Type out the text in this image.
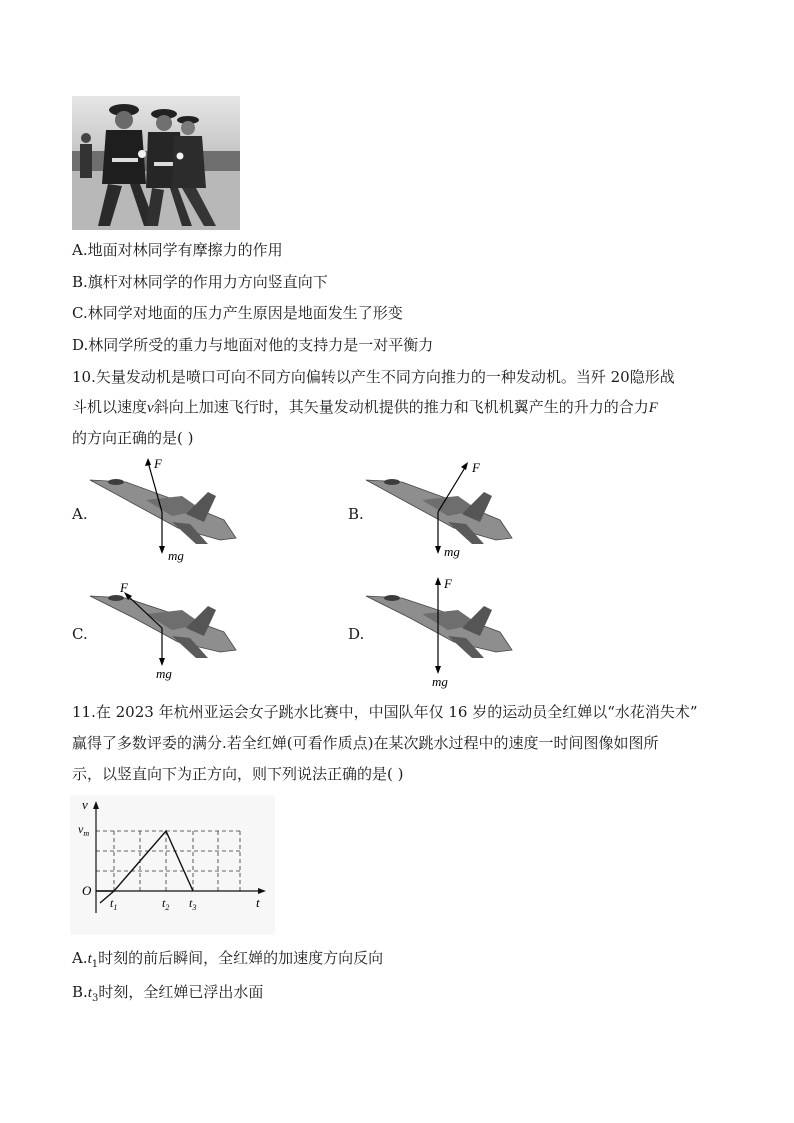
A.地面对林同学有摩擦力的作用
B.旗杆对林同学的作用力方向竖直向下
C.林同学对地面的压力产生原因是地面发生了形变
D.林同学所受的重力与地面对他的支持力是一对平衡力
10.矢量发动机是喷口可向不同方向偏转以产生不同方向推力的一种发动机。当歼 20隐形战
斗机以速度v斜向上加速飞行时，其矢量发动机提供的推力和飞机机翼产生的升力的合力F
的方向正确的是( )
A.	B.
C.	D.
F
mg
F
mg
F
mg
F
mg
11.在 2023 年杭州亚运会女子跳水比赛中，中国队年仅 16 岁的运动员全红婵以“水花消失术”
赢得了多数评委的满分.若全红婵(可看作质点)在某次跳水过程中的速度一时间图像如图所
示，以竖直向下为正方向，则下列说法正确的是( )
v
t
O
$v_m$
$t_1$	$t_2$ $t_3$
$A.t_1$时刻的前后瞬间，全红婵的加速度方向反向
$B.t_3$时刻，全红婵已浮出水面
